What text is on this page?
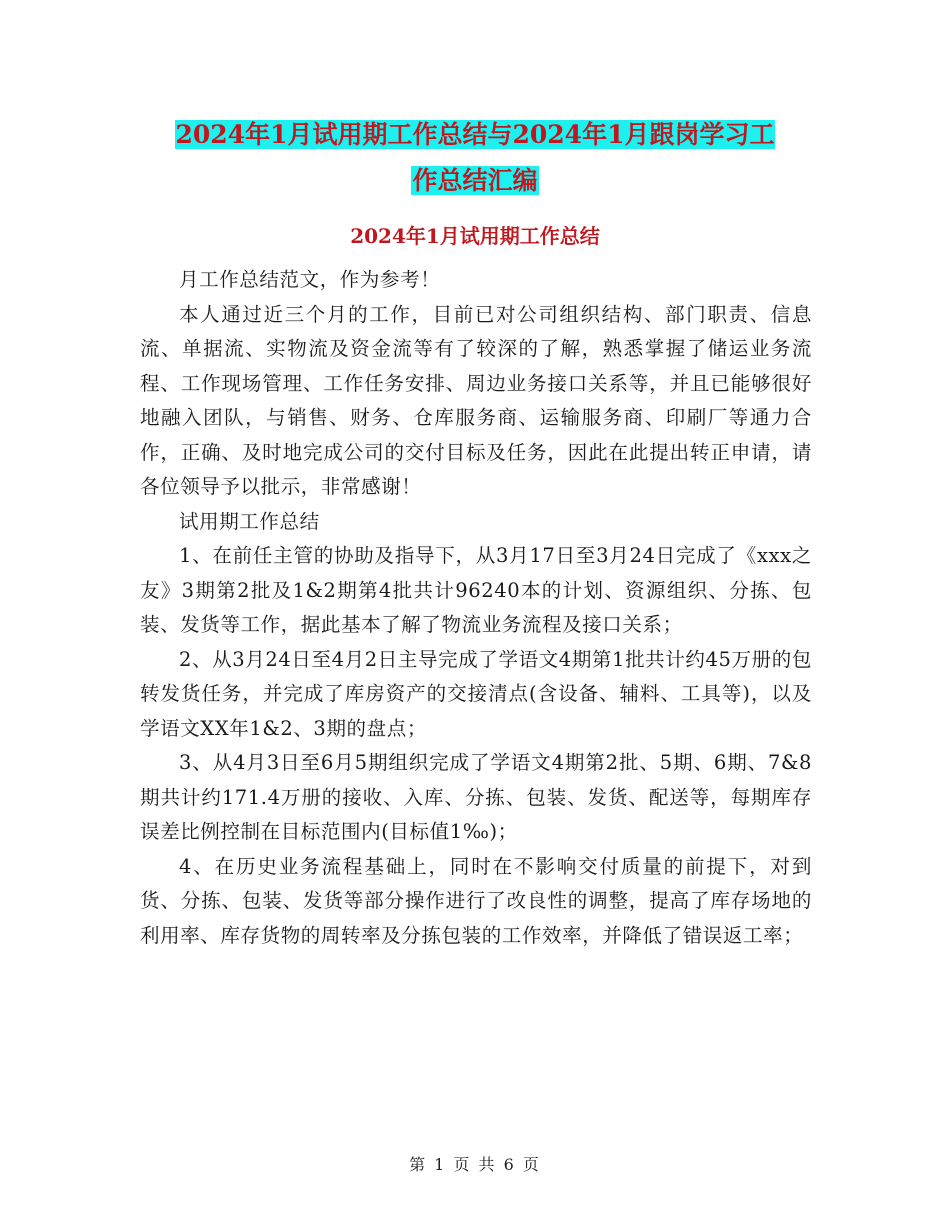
2024年1月试用期工作总结与2024年1月跟岗学习工
作总结汇编
2024年1月试用期工作总结

月工作总结范文，作为参考！

本人通过近三个月的工作，目前已对公司组织结构、部门职责、信息流、单据流、实物流及资金流等有了较深的了解，熟悉掌握了储运业务流程、工作现场管理、工作任务安排、周边业务接口关系等，并且已能够很好地融入团队，与销售、财务、仓库服务商、运输服务商、印刷厂等通力合作，正确、及时地完成公司的交付目标及任务，因此在此提出转正申请，请各位领导予以批示，非常感谢！

试用期工作总结

1、在前任主管的协助及指导下，从3月17日至3月24日完成了《xxx之友》3期第2批及1&2期第4批共计96240本的计划、资源组织、分拣、包装、发货等工作，据此基本了解了物流业务流程及接口关系；

2、从3月24日至4月2日主导完成了学语文4期第1批共计约45万册的包转发货任务，并完成了库房资产的交接清点(含设备、辅料、工具等)，以及学语文XX年1&2、3期的盘点；

3、从4月3日至6月5期组织完成了学语文4期第2批、5期、6期、7&8期共计约171.4万册的接收、入库、分拣、包装、发货、配送等，每期库存误差比例控制在目标范围内(目标值1‰)；

4、在历史业务流程基础上，同时在不影响交付质量的前提下，对到货、分拣、包装、发货等部分操作进行了改良性的调整，提高了库存场地的利用率、库存货物的周转率及分拣包装的工作效率，并降低了错误返工率；

第 1 页 共 6 页
